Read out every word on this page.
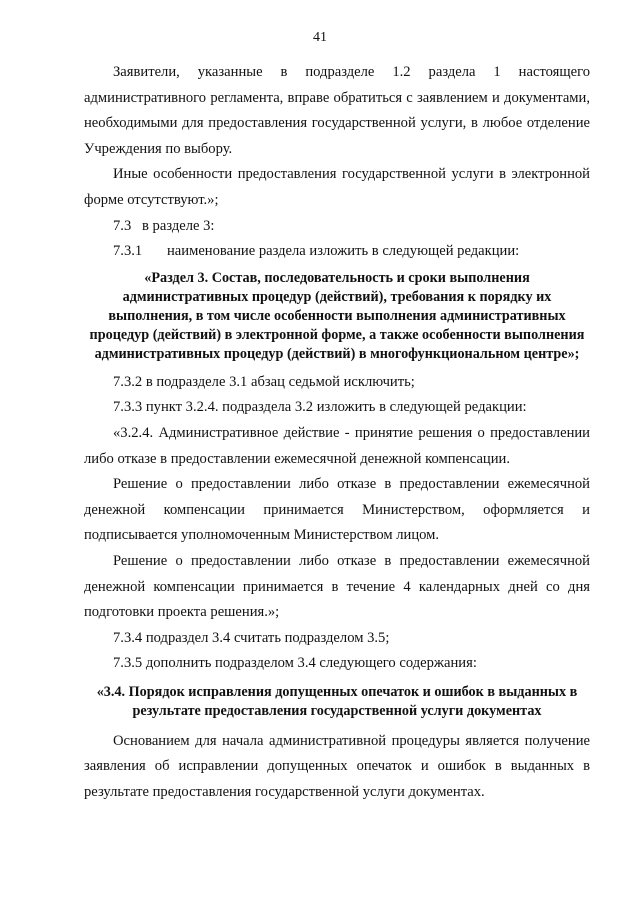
41

Заявители, указанные в подразделе 1.2 раздела 1 настоящего административного регламента, вправе обратиться с заявлением и документами, необходимыми для предоставления государственной услуги, в любое отделение Учреждения по выбору.

Иные особенности предоставления государственной услуги в электронной форме отсутствуют.»;

7.3 в разделе 3:
7.3.1 наименование раздела изложить в следующей редакции:

«Раздел 3. Состав, последовательность и сроки выполнения административных процедур (действий), требования к порядку их выполнения, в том числе особенности выполнения административных процедур (действий) в электронной форме, а также особенности выполнения административных процедур (действий) в многофункциональном центре»;

7.3.2 в подразделе 3.1 абзац седьмой исключить;

7.3.3 пункт 3.2.4. подраздела 3.2 изложить в следующей редакции:

«3.2.4. Административное действие - принятие решения о предоставлении либо отказе в предоставлении ежемесячной денежной компенсации.

Решение о предоставлении либо отказе в предоставлении ежемесячной денежной компенсации принимается Министерством, оформляется и подписывается уполномоченным Министерством лицом.

Решение о предоставлении либо отказе в предоставлении ежемесячной денежной компенсации принимается в течение 4 календарных дней со дня подготовки проекта решения.»;

7.3.4 подраздел 3.4 считать подразделом 3.5;

7.3.5 дополнить подразделом 3.4 следующего содержания:

«3.4. Порядок исправления допущенных опечаток и ошибок в выданных в результате предоставления государственной услуги документах

Основанием для начала административной процедуры является получение заявления об исправлении допущенных опечаток и ошибок в выданных в результате предоставления государственной услуги документах.
